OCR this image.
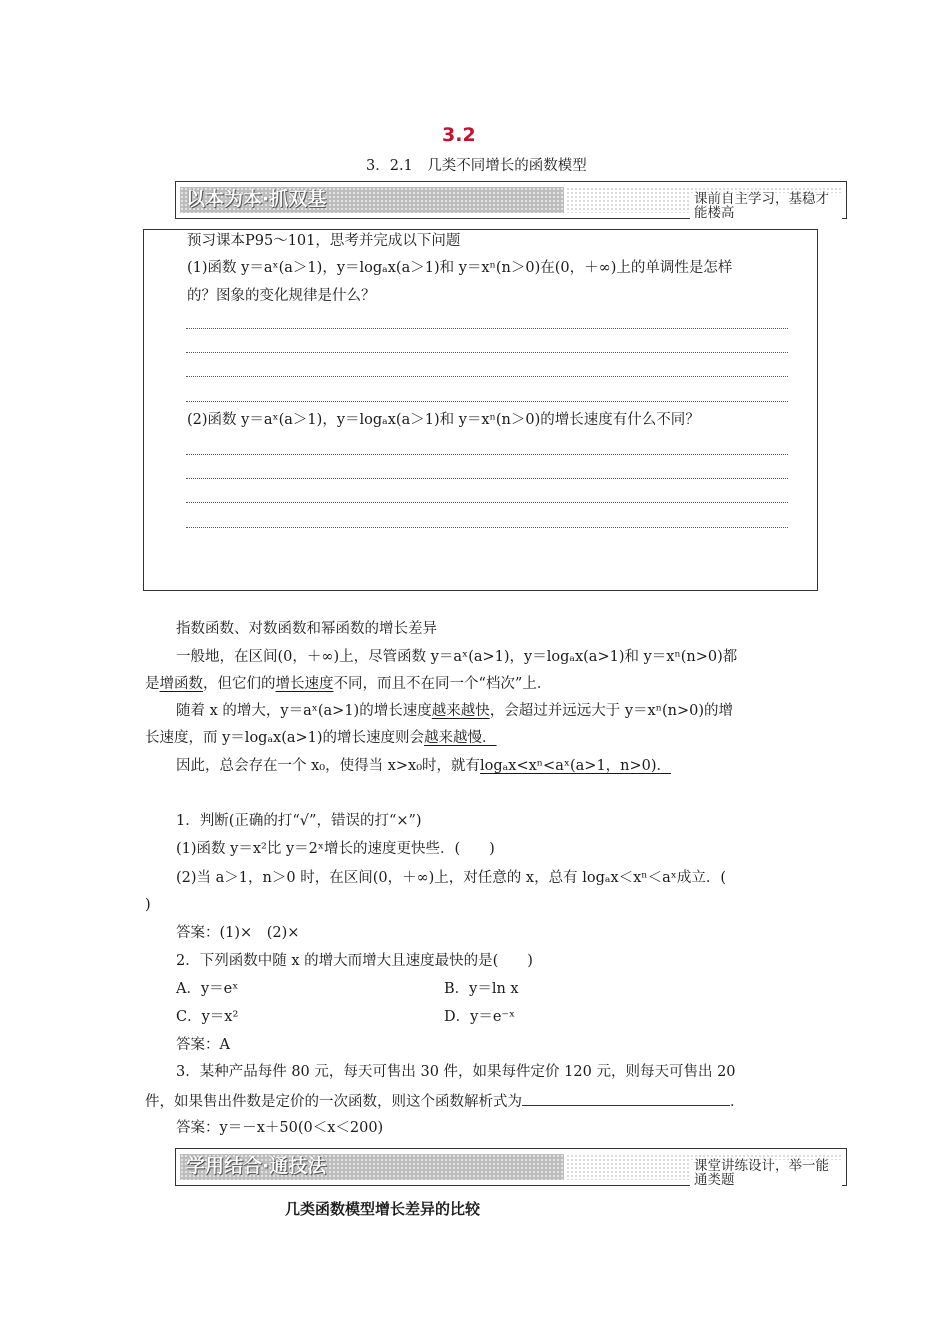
3.2
3．2.1　几类不同增长的函数模型
以本为本·抓双基	课前自主学习，基稳才能楼高
预习课本P95～101，思考并完成以下问题
(1)函数 y＝aˣ(a＞1)，y＝logₐx(a＞1)和 y＝xⁿ(n＞0)在(0，＋∞)上的单调性是怎样
的？图象的变化规律是什么？
(2)函数 y＝aˣ(a＞1)，y＝logₐx(a＞1)和 y＝xⁿ(n＞0)的增长速度有什么不同？
指数函数、对数函数和幂函数的增长差异
一般地，在区间(0，＋∞)上，尽管函数 y＝aˣ(a>1)，y＝logₐx(a>1)和 y＝xⁿ(n>0)都
是增函数，但它们的增长速度不同，而且不在同一个“档次”上．
随着 x 的增大，y＝aˣ(a>1)的增长速度越来越快，会超过并远远大于 y＝xⁿ(n>0)的增
长速度，而 y＝logₐx(a>1)的增长速度则会越来越慢．
因此，总会存在一个 x₀，使得当 x>x₀时，就有logₐx<xⁿ<aˣ(a>1，n>0)．
1．判断(正确的打“√”，错误的打“×”)
(1)函数 y＝x²比 y＝2ˣ增长的速度更快些．(　　)
(2)当 a＞1，n＞0 时，在区间(0，＋∞)上，对任意的 x，总有 logₐx＜xⁿ＜aˣ成立．(
)
答案：(1)×　(2)×
2．下列函数中随 x 的增大而增大且速度最快的是(　　)
A．y＝eˣ	B．y＝ln x
C．y＝x²	D．y＝e⁻ˣ
答案：A
3．某种产品每件 80 元，每天可售出 30 件，如果每件定价 120 元，则每天可售出 20
件，如果售出件数是定价的一次函数，则这个函数解析式为	．
答案：y＝－x＋50(0＜x＜200)
学用结合·通技法	课堂讲练设计，举一能通类题
几类函数模型增长差异的比较
